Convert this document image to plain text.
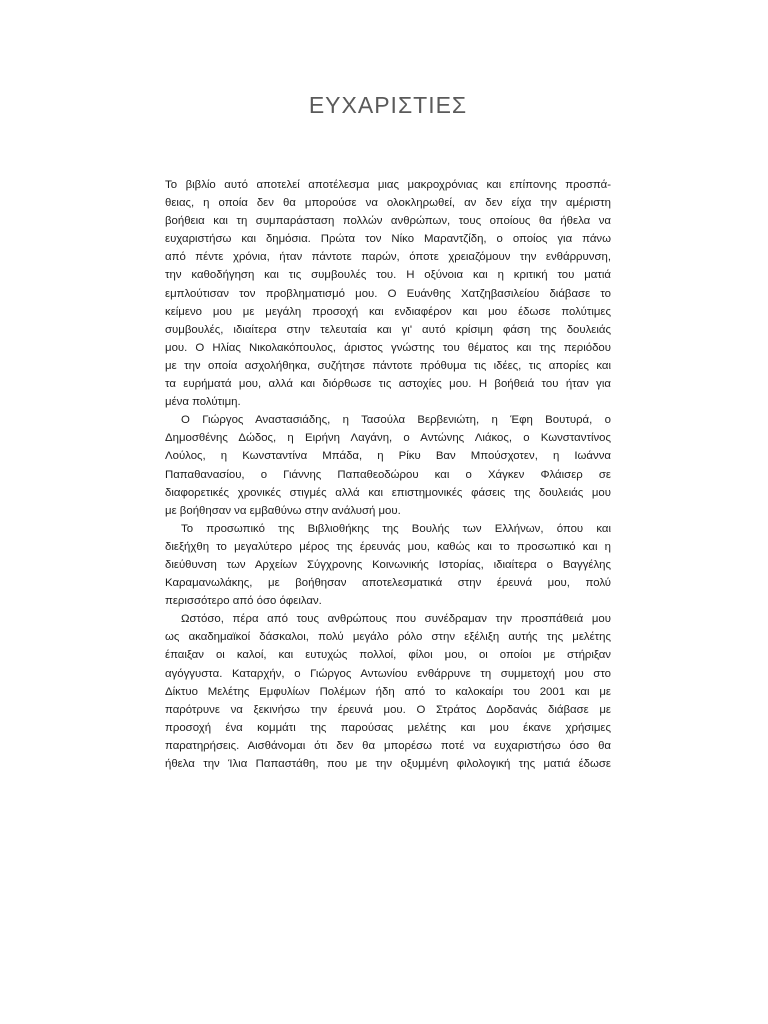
ΕΥΧΑΡΙΣΤΙΕΣ
Το βιβλίο αυτό αποτελεί αποτέλεσμα μιας μακροχρόνιας και επίπονης προσπά-
θειας, η οποία δεν θα μπορούσε να ολοκληρωθεί, αν δεν είχα την αμέριστη
βοήθεια και τη συμπαράσταση πολλών ανθρώπων, τους οποίους θα ήθελα να
ευχαριστήσω και δημόσια. Πρώτα τον Νίκο Μαραντζίδη, ο οποίος για πάνω
από πέντε χρόνια, ήταν πάντοτε παρών, όποτε χρειαζόμουν την ενθάρρυνση,
την καθοδήγηση και τις συμβουλές του. Η οξύνοια και η κριτική του ματιά
εμπλούτισαν τον προβληματισμό μου. Ο Ευάνθης Χατζηβασιλείου διάβασε το
κείμενο μου με μεγάλη προσοχή και ενδιαφέρον και μου έδωσε πολύτιμες
συμβουλές, ιδιαίτερα στην τελευταία και γι' αυτό κρίσιμη φάση της δουλειάς
μου. Ο Ηλίας Νικολακόπουλος, άριστος γνώστης του θέματος και της περιόδου
με την οποία ασχολήθηκα, συζήτησε πάντοτε πρόθυμα τις ιδέες, τις απορίες και
τα ευρήματά μου, αλλά και διόρθωσε τις αστοχίες μου. Η βοήθειά του ήταν για
μένα πολύτιμη.
Ο Γιώργος Αναστασιάδης, η Τασούλα Βερβενιώτη, η Έφη Βουτυρά, ο
Δημοσθένης Δώδος, η Ειρήνη Λαγάνη, ο Αντώνης Λιάκος, ο Κωνσταντίνος
Λούλος, η Κωνσταντίνα Μπάδα, η Ρίκυ Βαν Μπούσχοτεν, η Ιωάννα
Παπαθανασίου, ο Γιάννης Παπαθεοδώρου και ο Χάγκεν Φλάισερ σε
διαφορετικές χρονικές στιγμές αλλά και επιστημονικές φάσεις της δουλειάς μου
με βοήθησαν να εμβαθύνω στην ανάλυσή μου.
Το προσωπικό της Βιβλιοθήκης της Βουλής των Ελλήνων, όπου και
διεξήχθη το μεγαλύτερο μέρος της έρευνάς μου, καθώς και το προσωπικό και η
διεύθυνση των Αρχείων Σύγχρονης Κοινωνικής Ιστορίας, ιδιαίτερα ο Βαγγέλης
Καραμανωλάκης, με βοήθησαν αποτελεσματικά στην έρευνά μου, πολύ
περισσότερο από όσο όφειλαν.
Ωστόσο, πέρα από τους ανθρώπους που συνέδραμαν την προσπάθειά μου
ως ακαδημαϊκοί δάσκαλοι, πολύ μεγάλο ρόλο στην εξέλιξη αυτής της μελέτης
έπαιξαν οι καλοί, και ευτυχώς πολλοί, φίλοι μου, οι οποίοι με στήριξαν
αγόγγυστα. Καταρχήν, ο Γιώργος Αντωνίου ενθάρρυνε τη συμμετοχή μου στο
Δίκτυο Μελέτης Εμφυλίων Πολέμων ήδη από το καλοκαίρι του 2001 και με
παρότρυνε να ξεκινήσω την έρευνά μου. Ο Στράτος Δορδανάς διάβασε με
προσοχή ένα κομμάτι της παρούσας μελέτης και μου έκανε χρήσιμες
παρατηρήσεις. Αισθάνομαι ότι δεν θα μπορέσω ποτέ να ευχαριστήσω όσο θα
ήθελα την Ίλια Παπαστάθη, που με την οξυμμένη φιλολογική της ματιά έδωσε
